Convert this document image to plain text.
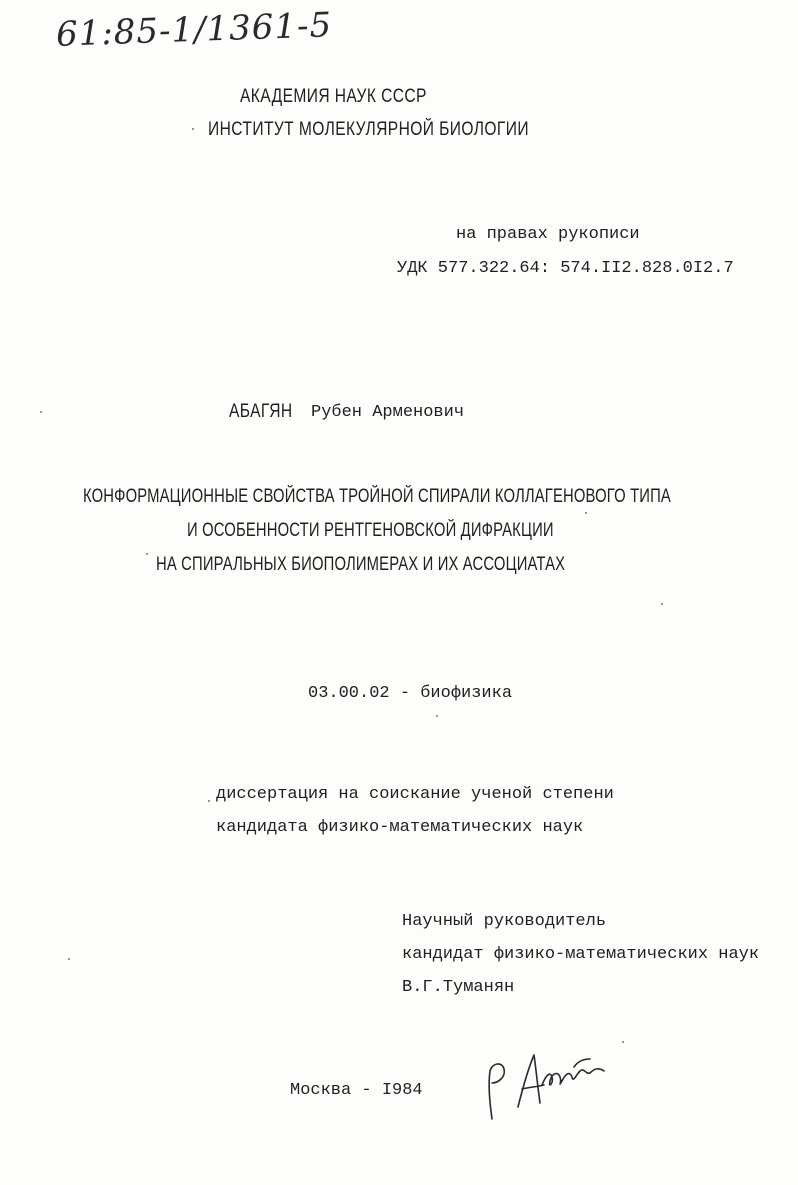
61:85-1/1361-5
АКАДЕМИЯ НАУК СССР
ИНСТИТУТ МОЛЕКУЛЯРНОЙ БИОЛОГИИ
на правах рукописи
УДК 577.322.64: 574.II2.828.0I2.7
АБАГЯН Рубен Арменович
КОНФОРМАЦИОННЫЕ СВОЙСТВА ТРОЙНОЙ СПИРАЛИ КОЛЛАГЕНОВОГО ТИПА
И ОСОБЕННОСТИ РЕНТГЕНОВСКОЙ ДИФРАКЦИИ
НА СПИРАЛЬНЫХ БИОПОЛИМЕРАХ И ИХ АССОЦИАТАХ
03.00.02 - биофизика
диссертация на соискание ученой степени
кандидата физико-математических наук
Научный руководитель
кандидат физико-математических наук
В.Г.Туманян
Москва - I984
